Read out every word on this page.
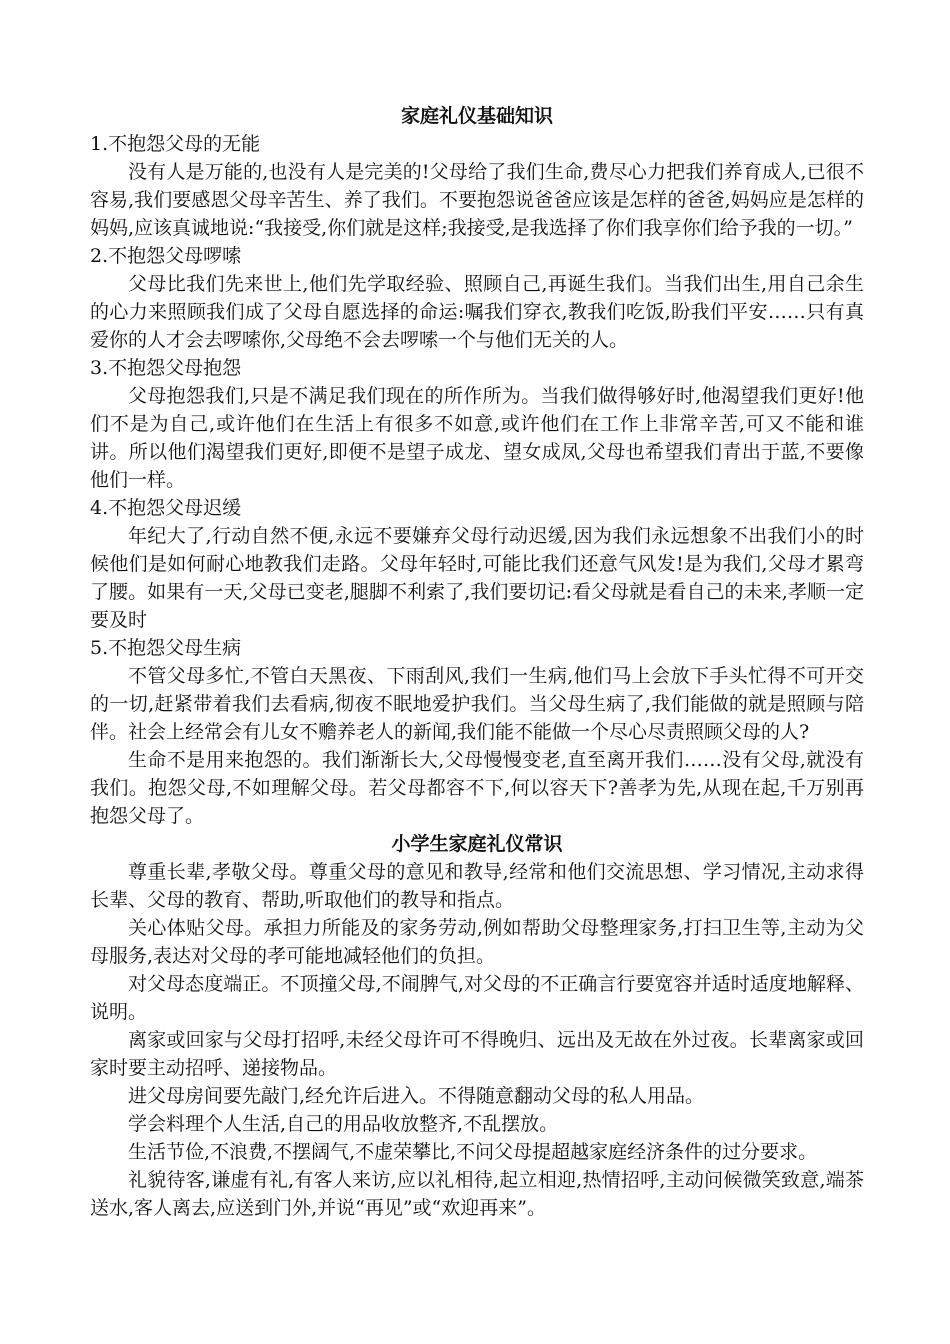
家庭礼仪基础知识
1.不抱怨父母的无能

没有人是万能的,也没有人是完美的!父母给了我们生命,费尽心力把我们养育成人,已很不容易,我们要感恩父母辛苦生、养了我们。不要抱怨说爸爸应该是怎样的爸爸,妈妈应是怎样的妈妈,应该真诚地说:“我接受,你们就是这样;我接受,是我选择了你们我享你们给予我的一切。”

2.不抱怨父母啰嗦

父母比我们先来世上,他们先学取经验、照顾自己,再诞生我们。当我们出生,用自己余生的心力来照顾我们成了父母自愿选择的命运:嘱我们穿衣,教我们吃饭,盼我们平安……只有真爱你的人才会去啰嗦你,父母绝不会去啰嗦一个与他们无关的人。

3.不抱怨父母抱怨

父母抱怨我们,只是不满足我们现在的所作所为。当我们做得够好时,他渴望我们更好!他们不是为自己,或许他们在生活上有很多不如意,或许他们在工作上非常辛苦,可又不能和谁讲。所以他们渴望我们更好,即便不是望子成龙、望女成凤,父母也希望我们青出于蓝,不要像他们一样。

4.不抱怨父母迟缓

年纪大了,行动自然不便,永远不要嫌弃父母行动迟缓,因为我们永远想象不出我们小的时候他们是如何耐心地教我们走路。父母年轻时,可能比我们还意气风发!是为我们,父母才累弯了腰。如果有一天,父母已变老,腿脚不利索了,我们要切记:看父母就是看自己的未来,孝顺一定要及时

5.不抱怨父母生病

不管父母多忙,不管白天黑夜、下雨刮风,我们一生病,他们马上会放下手头忙得不可开交的一切,赶紧带着我们去看病,彻夜不眠地爱护我们。当父母生病了,我们能做的就是照顾与陪伴。社会上经常会有儿女不赡养老人的新闻,我们能不能做一个尽心尽责照顾父母的人?

生命不是用来抱怨的。我们渐渐长大,父母慢慢变老,直至离开我们……没有父母,就没有我们。抱怨父母,不如理解父母。若父母都容不下,何以容天下?善孝为先,从现在起,千万别再抱怨父母了。

小学生家庭礼仪常识

尊重长辈,孝敬父母。尊重父母的意见和教导,经常和他们交流思想、学习情况,主动求得长辈、父母的教育、帮助,听取他们的教导和指点。

关心体贴父母。承担力所能及的家务劳动,例如帮助父母整理家务,打扫卫生等,主动为父母服务,表达对父母的孝可能地减轻他们的负担。

对父母态度端正。不顶撞父母,不闹脾气,对父母的不正确言行要宽容并适时适度地解释、说明。

离家或回家与父母打招呼,未经父母许可不得晚归、远出及无故在外过夜。长辈离家或回家时要主动招呼、递接物品。

进父母房间要先敲门,经允许后进入。不得随意翻动父母的私人用品。

学会料理个人生活,自己的用品收放整齐,不乱摆放。

生活节俭,不浪费,不摆阔气,不虚荣攀比,不问父母提超越家庭经济条件的过分要求。

礼貌待客,谦虚有礼,有客人来访,应以礼相待,起立相迎,热情招呼,主动问候微笑致意,端茶送水,客人离去,应送到门外,并说“再见”或“欢迎再来”。
